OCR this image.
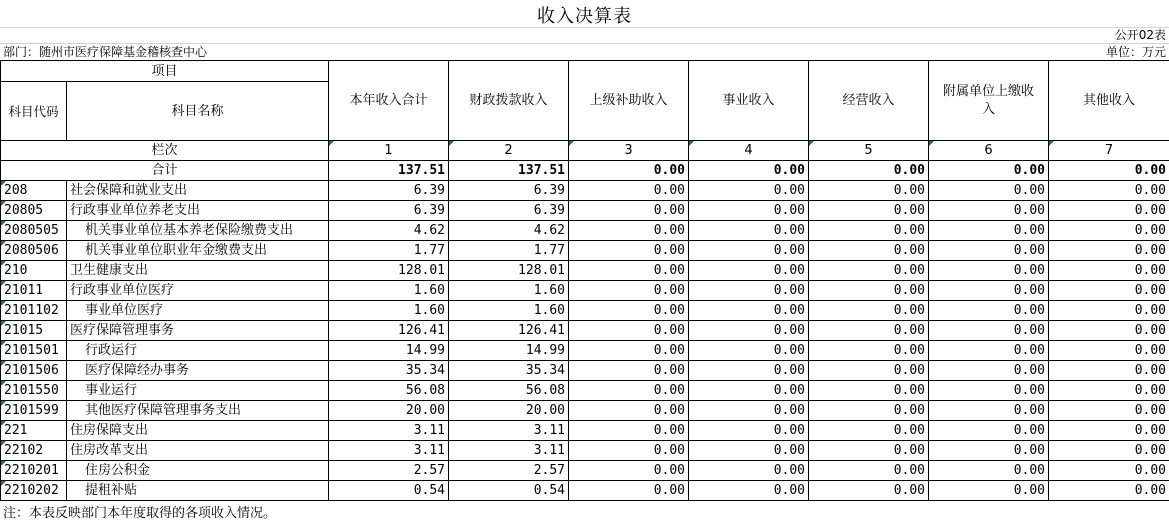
收入决算表
公开02表
部门：随州市医疗保障基金稽核查中心	单位：万元
项目		本年收入合计	财政拨款收入	上级补助收入	事业收入	经营收入	附属单位上缴收入	其他收入
科目代码	科目名称							
栏次		1	2	3	4	5	6	7
合计		137.51	137.51	0.00	0.00	0.00	0.00	0.00
208	社会保障和就业支出	6.39	6.39	0.00	0.00	0.00	0.00	0.00
20805	行政事业单位养老支出	6.39	6.39	0.00	0.00	0.00	0.00	0.00
2080505	机关事业单位基本养老保险缴费支出	4.62	4.62	0.00	0.00	0.00	0.00	0.00
2080506	机关事业单位职业年金缴费支出	1.77	1.77	0.00	0.00	0.00	0.00	0.00
210	卫生健康支出	128.01	128.01	0.00	0.00	0.00	0.00	0.00
21011	行政事业单位医疗	1.60	1.60	0.00	0.00	0.00	0.00	0.00
2101102	事业单位医疗	1.60	1.60	0.00	0.00	0.00	0.00	0.00
21015	医疗保障管理事务	126.41	126.41	0.00	0.00	0.00	0.00	0.00
2101501	行政运行	14.99	14.99	0.00	0.00	0.00	0.00	0.00
2101506	医疗保障经办事务	35.34	35.34	0.00	0.00	0.00	0.00	0.00
2101550	事业运行	56.08	56.08	0.00	0.00	0.00	0.00	0.00
2101599	其他医疗保障管理事务支出	20.00	20.00	0.00	0.00	0.00	0.00	0.00
221	住房保障支出	3.11	3.11	0.00	0.00	0.00	0.00	0.00
22102	住房改革支出	3.11	3.11	0.00	0.00	0.00	0.00	0.00
2210201	住房公积金	2.57	2.57	0.00	0.00	0.00	0.00	0.00
2210202	提租补贴	0.54	0.54	0.00	0.00	0.00	0.00	0.00
注：本表反映部门本年度取得的各项收入情况。
